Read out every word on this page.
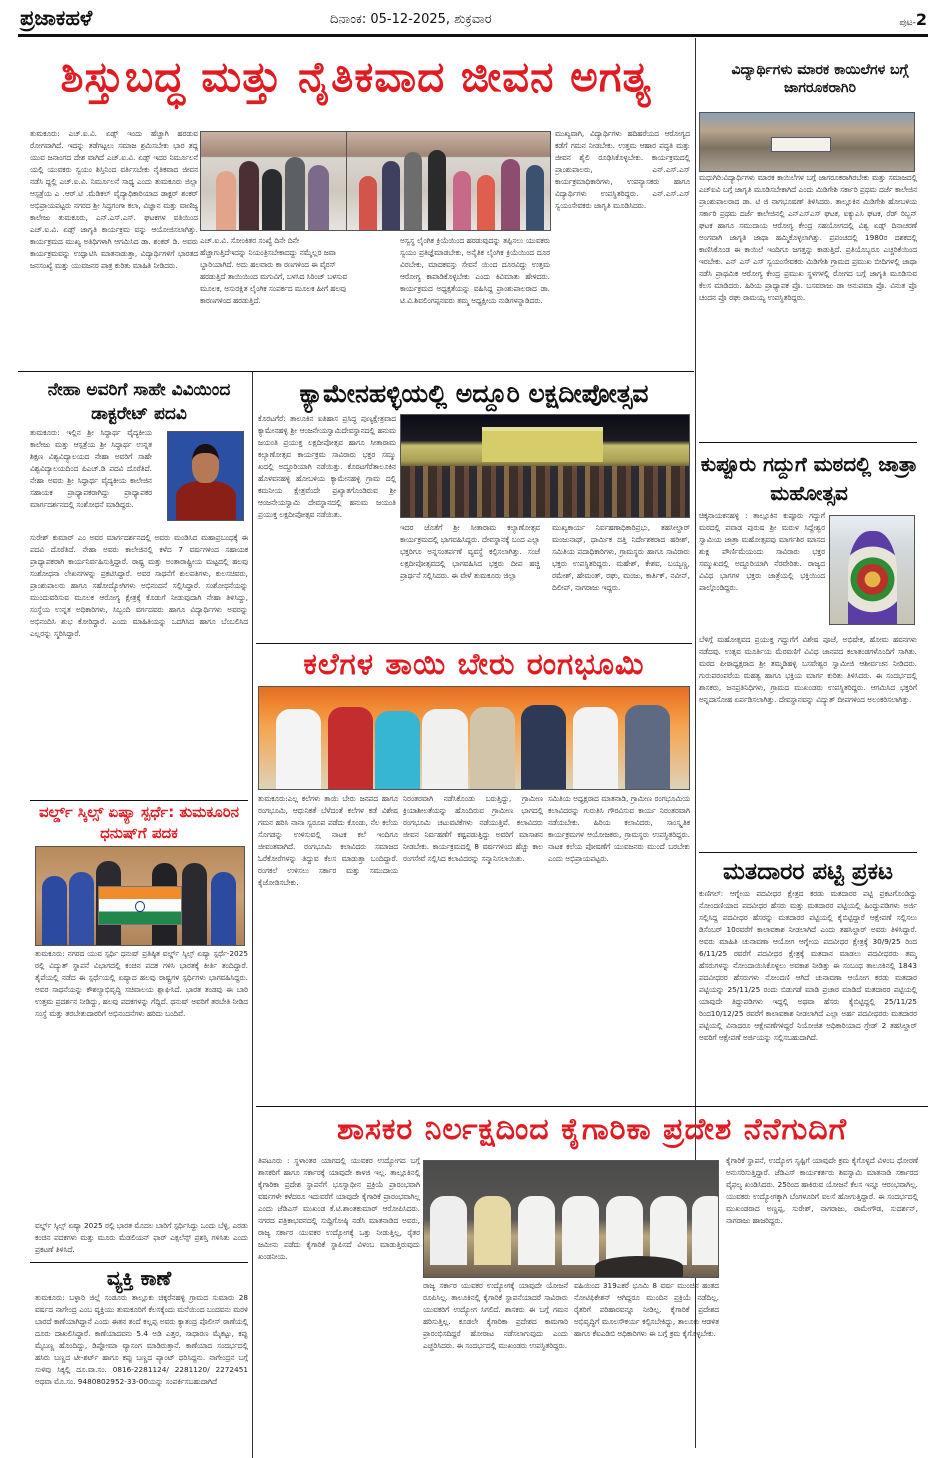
ಪ್ರಜಾಕಹಳೆ	ದಿನಾಂಕ: 05-12-2025, ಶುಕ್ರವಾರ	ಪುಟ-2
ಶಿಸ್ತುಬದ್ಧ ಮತ್ತು ನೈತಿಕವಾದ ಜೀವನ ಅಗತ್ಯ
ತುಮಕೂರು: ಎಚ್.ಐ.ವಿ. ಏಡ್ಸ್ ಇಂದು ಹೆಚ್ಚಾಗಿ ಹರಡುವ ರೋಗವಾಗಿದೆ. ಇದನ್ನು ತಡೆಗಟ್ಟಲು ಸಮಾಜ ಶ್ರಮಿಸಬೇಕು ಭಾರ ತದ್ದ ಯುವ ಜನಾಂಗದ ದೇಶ ವಾಗಿದೆ ಎಚ್.ಐ.ವಿ. ಏಡ್ಸ್ ಇದರ ನಿರ್ಮೂಲನೆ ಯಲ್ಲಿ ಯುವಕರು ಸ್ವಯಂ ಶಿಸ್ತಿನಿಂದ ವರ್ತಿಸಬೇಕು ನೈತಿಕವಾದ ಜೀವನ ನಡೆಸಿ ದ್ದಲ್ಲಿ ಎಚ್.ಐ.ವಿ. ನಿರ್ಮೂಲನೆ ಸಾಧ್ಯ ಎಂದು ತುಮಕೂರು ಜಿಲ್ಲಾ ಆಸ್ಪತ್ರೆಯ ಎ .ಆರ್.ಟಿ .ಮೆಡಿಕಲ್ ವೈದ್ಯಾಧಿಕಾರಿಯಾದ ಡಾಕ್ಟರ್ ಶಂಕರ್ ಅಭಿಪ್ರಾಯಪಟ್ಟರು ನಗರದ ಶ್ರೀ ಸಿದ್ಧಗಂಗಾ ಕಲಾ, ವಿಜ್ಞಾನ ಮತ್ತು ವಾಣಿಜ್ಯ ಕಾಲೇಜು ತುಮಕೂರು, ಎನ್.ಎಸ್.ಎಸ್. ಘಟಕಗಳ ವತಿಯಿಂದ ಎಚ್.ಐ.ವಿ. ಏಡ್ಸ್ ಜಾಗೃತಿ ಕಾರ್ಯಕ್ರಮ ವನ್ನು ಆಯೋಜಿಸಲಾಗಿತ್ತು. ಕಾರ್ಯಕ್ರಮದ ಮುಖ್ಯ ಅತಿಥಿಗಳಾಗಿ ಆಗಮಿಸಿದ ಡಾ. ಶಂಕರ್ ಡಿ. ಅವರು ಕಾರ್ಯಕ್ರಮವನ್ನು ಉದ್ಘಾಟಿಸಿ ಮಾತನಾಡುತ್ತಾ, ವಿದ್ಯಾರ್ಥಿಗಳಿಗೆ ಭಾರತದ ಜನಸಂಖ್ಯೆ ಮತ್ತು ಯುವಜನರ ಪಾತ್ರ ಕುರಿತು ಮಾಹಿತಿ ನೀಡಿದರು.
ಎಚ್.ಐ.ವಿ. ಸೋಂಕಿತರ ಸಂಖ್ಯೆ ದಿನೇ ದಿನೇ ಹೆಚ್ಚಾಗುತ್ತಿದೆಇದನ್ನು ನಿಯಂತ್ರಿಸಬೇಕಾದದ್ದು ನಮ್ಮೆಲ್ಲರ ಜವಾ ಬ್ದಾರಿಯಾಗಿದೆ. ಅದು ಹಲವಾರು ಕಾ ರಣಗಳಿಂದ ಈ ವೈರಸ್ ಹರಡುತ್ತಿದೆ ತಾಯಿಯಿಂದ ಮಗುವಿಗೆ, ಬಳಸಿದ ಸಿರಿಂಜ್ ಬಳಸುವ ಮೂಲಕ, ಅಸುರಕ್ಷಿತ ಲೈಂಗಿಕ ಸಂಪರ್ಕದ ಮೂಲಕ ಹೀಗೆ ಹಲವು ಕಾರಣಗಳಿಂದ ಹರಡುತ್ತಿದೆ.
ಅಸ್ವಸ್ಥ ಲೈಂಗಿಕ ಕ್ರಿಯೆಯಿಂದ ಹರಡುವುದನ್ನು ತಪ್ಪಿಸಲು ಯುವಕರು ಸ್ವಯಂ ಪ್ರತಿಜ್ಞೆಮಾಡಬೇಕು, ಅನೈತಿಕ ಲೈಂಗಿಕ ಕ್ರಿಯೆಯಿಂದ ದೂರ ವಿರಬೇಕು, ಮಾದಕವಸ್ತು ಸೇವನೆ ಯಿಂದ ದೂರವಿದ್ದು ಉತ್ತಮ ಆರೋಗ್ಯ ಕಾಪಾಡಿಕೊಳ್ಳಬೇಕು ಎಂದು ಕಿವಿಮಾತು ಹೇಳಿದರು. ಕಾರ್ಯಕ್ರಮದ ಅಧ್ಯಕ್ಷತೆಯನ್ನು ವಹಿಸಿದ್ದ ಪ್ರಾಂಶುಪಾಲರಾದ ಡಾ. ಟಿ.ವಿ.ಶಿವಲಿಂಗಪ್ಪನವರು ತಮ್ಮ ಅಧ್ಯಕ್ಷೀಯ ನುಡಿಗಳನ್ನಾಡಿದರು.
ಮುಖ್ಯವಾಗಿ, ವಿದ್ಯಾರ್ಥಿಗಳು ಹದಿಹರೆಯದ ಆರೋಗ್ಯದ ಕಡೆಗೆ ಗಮನ ನೀಡಬೇಕು. ಉತ್ತಮ ಆಹಾರ ಪದ್ಧತಿ ಮತ್ತು ಜೀವನ ಶೈಲಿ ರೂಢಿಸಿಕೊಳ್ಳಬೇಕು. ಕಾರ್ಯಕ್ರಮದಲ್ಲಿ ಪ್ರಾಂಶುಪಾಲರು, ಎನ್.ಎಸ್.ಎಸ್ ಕಾರ್ಯಕ್ರಮಾಧಿಕಾರಿಗಳು, ಉಪನ್ಯಾಸಕರು ಹಾಗೂ ವಿದ್ಯಾರ್ಥಿಗಳು ಉಪಸ್ಥಿತರಿದ್ದರು. ಎನ್.ಎಸ್.ಎಸ್ ಸ್ವಯಂಸೇವಕರು ಜಾಗೃತಿ ಮೂಡಿಸಿದರು.
ವಿದ್ಯಾರ್ಥಿಗಳು ಮಾರಕ ಕಾಯಿಲೆಗಳ ಬಗ್ಗೆ ಜಾಗರೂಕರಾಗಿರಿ
ಮಧುಗಿರಿ:ವಿದ್ಯಾರ್ಥಿಗಳು ಮಾರಕ ಕಾಯಿಲೆಗಳ ಬಗ್ಗೆ ಜಾಗರೂಕರಾಗಿರಬೇಕು ಮತ್ತು ಸಮಾಜದಲ್ಲಿ ಎಚ್‌ಐವಿ ಬಗ್ಗೆ ಜಾಗೃತಿ ಮೂಡಿಸಬೇಕಾಗಿದೆ ಎಂದು ಮಿಡಿಗೇಶಿ ಸರ್ಕಾರಿ ಪ್ರಥಮ ದರ್ಜೆ ಕಾಲೇಜಿನ ಪ್ರಾಂಶುಪಾಲರಾದ ಡಾ. ಟಿ ಜಿ ನಾಗಭೂಷಣ್ ತಿಳಿಸಿದರು. ತಾಲ್ಲೂಕಿನ ಮಿಡಿಗೇಶಿ ಹೋಬಳಿಯ ಸರ್ಕಾರಿ ಪ್ರಥಮ ದರ್ಜೆ ಕಾಲೇಜಿನಲ್ಲಿ ಎನ್‌ಎಸ್‌ಎಸ್ ಘಟಕ, ಐಕ್ಯುಎಸಿ ಘಟಕ, ರೆಡ್ ರಿಬ್ಬನ್ ಘಟಕ ಹಾಗೂ ಸಮುದಾಯ ಆರೋಗ್ಯ ಕೇಂದ್ರ ಸಹಯೋಗದಲ್ಲಿ ವಿಶ್ವ ಏಡ್ಸ್ ದಿನಾಚರಣೆ ಅಂಗವಾಗಿ ಜಾಗೃತಿ ಜಾಥಾ ಹಮ್ಮಿಕೊಳ್ಳಲಾಗಿತ್ತು. ಪ್ರಪಂಚದಲ್ಲಿ 1980ರ ದಶಕದಲ್ಲಿ ಕಾಣಿಸಿಕೊಂಡ ಈ ಕಾಯಿಲೆ ಇಂದಿಗೂ ಜಗತ್ತನ್ನು ಕಾಡುತ್ತಿದೆ. ಪ್ರತಿಯೊಬ್ಬರೂ ಎಚ್ಚರಿಕೆಯಿಂದ ಇರಬೇಕು. ಎನ್ ಎಸ್ ಎಸ್ ಸ್ವಯಂಸೇವಕರು ಮಿಡಿಗೇಶಿ ಗ್ರಾಮದ ಪ್ರಮುಖ ಬೀದಿಗಳಲ್ಲಿ ಜಾಥಾ ನಡೆಸಿ ಪ್ರಾಥಮಿಕ ಆರೋಗ್ಯ ಕೇಂದ್ರ ಪ್ರಮುಖ ಸ್ಥಳಗಳಲ್ಲಿ ರೋಗದ ಬಗ್ಗೆ ಜಾಗೃತಿ ಮೂಡಿಸುವ ಕೆಲಸ ಮಾಡಿದರು. ಹಿರಿಯ ಪ್ರಾಧ್ಯಾಪಕ ಪ್ರೊ. ಬಸವರಾಜು ಡಾ ಅನುಪಮಾ ಪ್ರೊ. ವಿನುತ ಪ್ರೊ ಚಂದನ ಪ್ರೊ ರಘು ರಾಮಯ್ಯ ಉಪಸ್ಥಿತರಿದ್ದರು.
ನೇಹಾ ಅವರಿಗೆ ಸಾಹೇ ವಿವಿಯಿಂದ ಡಾಕ್ಟರೇಟ್ ಪದವಿ
ತುಮಕೂರು: ಇಲ್ಲಿನ ಶ್ರೀ ಸಿದ್ಧಾರ್ಥ ವೈದ್ಯಕೀಯ ಕಾಲೇಜು ಮತ್ತು ಆಸ್ಪತ್ರೆಯ ಶ್ರೀ ಸಿದ್ಧಾರ್ಥ ಉನ್ನತ ಶಿಕ್ಷಣ ವಿಶ್ವವಿದ್ಯಾಲಯದ ನೇಹಾ ಅವರಿಗೆ ಸಾಹೇ ವಿಶ್ವವಿದ್ಯಾಲಯದಿಂದ ಪಿಎಚ್.ಡಿ ಪದವಿ ದೊರೆತಿದೆ. ನೇಹಾ ಅವರು ಶ್ರೀ ಸಿದ್ಧಾರ್ಥ ವೈದ್ಯಕೀಯ ಕಾಲೇಜಿನ ಸಹಾಯಕ ಪ್ರಾಧ್ಯಾಪಕರಾಗಿದ್ದು ಪ್ರಾಧ್ಯಾಪಕರ ಮಾರ್ಗದರ್ಶನದಲ್ಲಿ ಸಂಶೋಧನೆ ಮಾಡಿದ್ದರು.
ಸುರೇಶ್ ಕುಮಾರ್ ಎಂ ಅವರ ಮಾರ್ಗದರ್ಶನದಲ್ಲಿ ಅವರು ಮಂಡಿಸಿದ ಮಹಾಪ್ರಬಂಧಕ್ಕೆ ಈ ಪದವಿ ದೊರೆತಿದೆ. ನೇಹಾ ಅವರು ಕಾಲೇಜಿನಲ್ಲಿ ಕಳೆದ 7 ವರ್ಷಗಳಿಂದ ಸಹಾಯಕ ಪ್ರಾಧ್ಯಾಪಕರಾಗಿ ಕಾರ್ಯನಿರ್ವಹಿಸುತ್ತಿದ್ದಾರೆ. ರಾಷ್ಟ್ರ ಮತ್ತು ಅಂತಾರಾಷ್ಟ್ರೀಯ ಮಟ್ಟದಲ್ಲಿ ಹಲವು ಸಂಶೋಧನಾ ಲೇಖನಗಳನ್ನು ಪ್ರಕಟಿಸಿದ್ದಾರೆ. ಅವರ ಸಾಧನೆಗೆ ಕುಲಪತಿಗಳು, ಕುಲಸಚಿವರು, ಪ್ರಾಂಶುಪಾಲರು ಹಾಗೂ ಸಹೋದ್ಯೋಗಿಗಳು ಅಭಿನಂದನೆ ಸಲ್ಲಿಸಿದ್ದಾರೆ. ಸಂಶೋಧನೆಯನ್ನು ಮುಂದುವರಿಸುವ ಮೂಲಕ ಆರೋಗ್ಯ ಕ್ಷೇತ್ರಕ್ಕೆ ಕೊಡುಗೆ ನೀಡುವುದಾಗಿ ನೇಹಾ ತಿಳಿಸಿದ್ದು, ಸಂಸ್ಥೆಯ ಉನ್ನತ ಅಧಿಕಾರಿಗಳು, ಸಿಬ್ಬಂದಿ ವರ್ಗದವರು ಹಾಗೂ ವಿದ್ಯಾರ್ಥಿಗಳು ಅವರನ್ನು ಅಭಿನಂದಿಸಿ ಶುಭ ಕೋರಿದ್ದಾರೆ. ಎಂದು ಮಾಹಿತಿಯನ್ನು ಒದಗಿಸಿದ ಹಾಗೂ ಬೆಂಬಲಿಸಿದ ಎಲ್ಲರನ್ನು ಸ್ಮರಿಸಿದ್ದಾರೆ.
ಕ್ಯಾಮೇನಹಳ್ಳಿಯಲ್ಲಿ ಅದ್ದೂರಿ ಲಕ್ಷದೀಪೋತ್ಸವ
ಕೊರಟಗೆರೆ: ತಾಲೂಕಿನ ಐತಿಹಾಸ ಪ್ರಸಿದ್ಧ ಪುಣ್ಯಕ್ಷೇತ್ರವಾದ ಕ್ಯಾಮೇನಹಳ್ಳಿ ಶ್ರೀ ಆಂಜನೇಯಸ್ವಾಮಿದೇವಸ್ಥಾನದಲ್ಲಿ ಹನುಮ ಜಯಂತಿ ಪ್ರಯುಕ್ತ ಲಕ್ಷದೀಪೋತ್ಸವ ಹಾಗೂ ಸೀತಾರಾಮ ಕಲ್ಯಾಣೋತ್ಸವ ಕಾರ್ಯಕ್ರಮ ಸಾವಿರಾರು ಭಕ್ತರ ಸಮ್ಮು ಖದಲ್ಲಿ ಅದ್ದೂರಿಯಾಗಿ ನಡೆಯಿತ್ತು. ಕೊರಟಗೆರೆತಾಲೂಕಿನ ಹೊಳವನಹಳ್ಳಿ ಹೋಬಳಿಯ ಕ್ಯಾಮೇನಹಳ್ಳಿ ಗ್ರಾಮ ದಲ್ಲಿ ಕಮನೀಯ ಕ್ಷೇತ್ರವೆಂದೇ ಪ್ರಖ್ಯಾತಗೊಂಡಿರುವ ಶ್ರೀ ಆಂಜನೇಯಸ್ವಾಮಿ ದೇವಸ್ಥಾನದಲ್ಲಿ ಹನುಮ ಜಯಂತಿ ಪ್ರಯುಕ್ತ ಲಕ್ಷದೀಪೋತ್ಸವ ನಡೆಯಿತು.
ಇದರ ಜೊತೆಗೆ ಶ್ರೀ ಸೀತಾರಾಮ ಕಲ್ಯಾಣೋತ್ಸವ ಕಾರ್ಯಕ್ರಮದಲ್ಲಿ ಭಾಗವಹಿಸಿದ್ದರು. ದೇವಸ್ಥಾನಕ್ಕೆ ಬಂದ ಎಲ್ಲಾ ಭಕ್ತರಿಗೂ ಅನ್ನಸಂತರ್ಪಣೆ ವ್ಯವಸ್ಥೆ ಕಲ್ಪಿಸಲಾಗಿತ್ತು. ಸಂಜೆ ಲಕ್ಷದೀಪೋತ್ಸವದಲ್ಲಿ ಭಾಗವಹಿಸಿದ ಭಕ್ತರು ದೀಪ ಹಚ್ಚಿ ಪ್ರಾರ್ಥನೆ ಸಲ್ಲಿಸಿದರು. ಈ ವೇಳೆ ತುಮಕೂರು ಜಿಲ್ಲಾ
ಮುಖ್ಯಕಾರ್ಯ ನಿರ್ವಹಣಾಧಿಕಾರಿಪ್ರಭು, ತಹಸೀಲ್ದಾರ್ ಮಂಜುನಾಥ್, ಧಾರ್ಮಿಕ ದತ್ತಿ ನಿರ್ದೇಶಕರಾದ ಹರೀಶ್, ಸಮಿತಿಯ ಪದಾಧಿಕಾರಿಗಳು, ಗ್ರಾಮಸ್ಥರು ಹಾಗೂ ಸಾವಿರಾರು ಭಕ್ತರು ಉಪಸ್ಥಿತರಿದ್ದರು. ಮಹೇಶ್, ಕೇಶವ, ಬಯ್ಯಣ್ಣ, ರಮೇಶ್, ಹೇಮಂತ್, ರಘು, ಮಂಜು, ಕಾರ್ತಿಕ್, ನವೀನ್, ದಿಲೀಪ್, ನಾಗರಾಜು ಇದ್ದರು.
ಕುಪ್ಪೂರು ಗದ್ದುಗೆ ಮಠದಲ್ಲಿ ಜಾತ್ರಾ ಮಹೋತ್ಸವ
ಚಿಕ್ಕನಾಯಕನಹಳ್ಳಿ : ತಾಲ್ಲೂಕಿನ ಕುಪ್ಪೂರು ಗದ್ದುಗೆ ಮಠದಲ್ಲಿ ಪವಾಡ ಪುರುಷ ಶ್ರೀ ಮರುಳ ಸಿದ್ದೇಶ್ವರ ಸ್ವಾಮಿಯ ಜಾತ್ರಾ ಮಹೋತ್ಸವವು ಮಾರ್ಗಶಿರ ಮಾಸದ ಶುಕ್ಲ ಪೌರ್ಣಿಮೆಯಂದು ಸಾವಿರಾರು ಭಕ್ತರ ಸಮ್ಮುಖದಲ್ಲಿ ಅದ್ದೂರಿಯಾಗಿ ನೆರವೇರಿತು. ರಾಜ್ಯದ ವಿವಿಧ ಭಾಗಗಳ ಭಕ್ತರು ಜಾತ್ರೆಯಲ್ಲಿ ಭಕ್ತಿಯಿಂದ ಪಾಲ್ಗೊಂಡಿದ್ದರು.
ಬೆಳಿಗ್ಗೆ ಮಹೋತ್ಸವದ ಪ್ರಯುಕ್ತ ಗದ್ದುಗೆಗೆ ವಿಶೇಷ ಪೂಜೆ, ಅಭಿಷೇಕ, ಹೋಮ ಹವನಗಳು ನಡೆದವು. ಉತ್ಸವ ಮೂರ್ತಿಯ ಮೆರವಣಿಗೆ ವಿವಿಧ ಜಾನಪದ ಕಲಾತಂಡಗಳೊಂದಿಗೆ ಸಾಗಿತು. ಮಠದ ಪೀಠಾಧ್ಯಕ್ಷರಾದ ಶ್ರೀ ತಮ್ಮಡಿಹಳ್ಳಿ ಬಸವೇಶ್ವರ ಸ್ವಾಮೀಜಿ ಆಶೀರ್ವಚನ ನೀಡಿದರು. ಗುರುಪರಂಪರೆಯ ಮಹತ್ವ ಹಾಗೂ ಭಕ್ತಿಯ ಮಾರ್ಗ ಕುರಿತು ತಿಳಿಸಿದರು. ಈ ಸಂದರ್ಭದಲ್ಲಿ ಶಾಸಕರು, ಜನಪ್ರತಿನಿಧಿಗಳು, ಗ್ರಾಮದ ಮುಖಂಡರು ಉಪಸ್ಥಿತರಿದ್ದರು. ಆಗಮಿಸಿದ ಭಕ್ತರಿಗೆ ಅನ್ನದಾಸೋಹ ಏರ್ಪಡಿಸಲಾಗಿತ್ತು. ದೇವಸ್ಥಾನವನ್ನು ವಿದ್ಯುತ್ ದೀಪಗಳಿಂದ ಅಲಂಕರಿಸಲಾಗಿತ್ತು.
ಕಲೆಗಳ ತಾಯಿ ಬೇರು ರಂಗಭೂಮಿ
ತುಮಕೂರು:ಎಲ್ಲ ಕಲೆಗಳು ತಾಯಿ ಬೇರು ಜನಪದ ಹಾಗೂ ರಂಗಭೂಮಿ, ಆಧುನಿಕತೆ ಬೆಳೆದಂತೆ ಕಲೆಗಳ ಕಡೆ ವಿಶೇಷ ಗಮನ ಹರಿಸಿ ನಾನಾ ಸ್ವರೂಪ ಪಡೆದು ಕೊಂಡು, ನೆಲ ಕಲೆಯ ಸೊಗಡನ್ನು ಉಳಿಸುವಲ್ಲಿ ನಾಟಕ ಕಲೆ ಇಂದಿಗೂ ಜೀವಂತವಾಗಿದೆ. ರಂಗಭೂಮಿ ಕಲಾವಿದರು ಸಮಾಜದ ಓರೆಕೋರೆಗಳನ್ನು ತಿದ್ದುವ ಕೆಲಸ ಮಾಡುತ್ತಾ ಬಂದಿದ್ದಾರೆ. ರಂಗಕಲೆ ಉಳಿಸಲು ಸರ್ಕಾರ ಮತ್ತು ಸಮುದಾಯ ಕೈಜೋಡಿಸಬೇಕು.
ನಿರಂತರವಾಗಿ ನಡೆಸಿಕೊಂಡು ಬರುತ್ತಿದ್ದು, ಗ್ರಾಮೀಣ ಕ್ರಿಯಾಶೀಲತೆಯನ್ನು ಹೊಂದಿರುವ ಗ್ರಾಮೀಣ ಭಾಗದಲ್ಲಿ ರಂಗಭೂಮಿ ಚಟುವಟಿಕೆಗಳು ನಡೆಯುತ್ತಿವೆ. ಕಲಾವಿದರು ಜೀವನ ನಿರ್ವಹಣೆಗೆ ಕಷ್ಟಪಡುತ್ತಿದ್ದು ಅವರಿಗೆ ಮಾಸಾಶನ ನೀಡಬೇಕು. ಕಾರ್ಯಕ್ರಮದಲ್ಲಿ 8 ವರ್ಷಗಳಿಂದ ಹೆಚ್ಚು ಕಾಲ ರಂಗಸೇವೆ ಸಲ್ಲಿಸಿದ ಕಲಾವಿದರನ್ನು ಸನ್ಮಾನಿಸಲಾಯಿತು.
ಸಮಿತಿಯ ಅಧ್ಯಕ್ಷರಾದ ಮಾತನಾಡಿ, ಗ್ರಾಮೀಣ ರಂಗಭೂಮಿಯ ಕಲಾವಿದರನ್ನು ಗುರುತಿಸಿ ಗೌರವಿಸುವ ಕಾರ್ಯ ನಿರಂತರವಾಗಿ ನಡೆಯಬೇಕು. ಹಿರಿಯ ಕಲಾವಿದರು, ಸಾಂಸ್ಕೃತಿಕ ಕಾರ್ಯಕ್ರಮಗಳ ಆಯೋಜಕರು, ಗ್ರಾಮಸ್ಥರು ಉಪಸ್ಥಿತರಿದ್ದರು. ನಾಟಕ ಕಲೆಯ ಪೋಷಣೆಗೆ ಯುವಜನರು ಮುಂದೆ ಬರಬೇಕು ಎಂದು ಅಭಿಪ್ರಾಯಪಟ್ಟರು.
ವರ್ಲ್ಡ್ ಸ್ಕಿಲ್ಸ್ ಏಷ್ಯಾ ಸ್ಪರ್ಧೆ: ತುಮಕೂರಿನ ಧನುಷ್‌ಗೆ ಪದಕ
ತುಮಕೂರು: ನಗರದ ಯುವ ಸ್ಪರ್ಧಿ ಧನುಷ್ ಪ್ರತಿಷ್ಠಿತ ವರ್ಲ್ಡ್ ಸ್ಕಿಲ್ಸ್ ಏಷ್ಯಾ ಸ್ಪರ್ಧೆ-2025 ರಲ್ಲಿ ವಿದ್ಯುತ್ ಸ್ಥಾಪನೆ ವಿಭಾಗದಲ್ಲಿ ಕಂಚಿನ ಪದಕ ಗಳಿಸಿ ಭಾರತಕ್ಕೆ ಕೀರ್ತಿ ತಂದಿದ್ದಾರೆ. ತೈಪೆಯಲ್ಲಿ ನಡೆದ ಈ ಸ್ಪರ್ಧೆಯಲ್ಲಿ ಏಷ್ಯಾದ ಹಲವು ರಾಷ್ಟ್ರಗಳ ಸ್ಪರ್ಧಿಗಳು ಭಾಗವಹಿಸಿದ್ದರು. ಅವರ ಸಾಧನೆಯನ್ನು ಕೌಶಲ್ಯಾಭಿವೃದ್ಧಿ ಸಚಿವಾಲಯ ಶ್ಲಾಘಿಸಿದೆ. ಭಾರತ ತಂಡವು ಈ ಬಾರಿ ಉತ್ತಮ ಪ್ರದರ್ಶನ ನೀಡಿದ್ದು, ಹಲವು ಪದಕಗಳನ್ನು ಗೆದ್ದಿದೆ. ಧನುಷ್ ಅವರಿಗೆ ತರಬೇತಿ ನೀಡಿದ ಸಂಸ್ಥೆ ಮತ್ತು ತರಬೇತುದಾರರಿಗೆ ಅಭಿನಂದನೆಗಳು ಹರಿದು ಬಂದಿವೆ.
ವರ್ಲ್ಡ್ ಸ್ಕಿಲ್ಸ್ ಏಷ್ಯಾ 2025 ರಲ್ಲಿ ಭಾರತ ಮೊದಲ ಬಾರಿಗೆ ಸ್ಪರ್ಧಿಸಿದ್ದು ಒಂದು ಬೆಳ್ಳಿ, ಎರಡು ಕಂಚಿನ ಪದಕಗಳು ಮತ್ತು ಮೂರು ಮೆಡಲಿಯನ್ ಫಾರ್ ಎಕ್ಸಲೆನ್ಸ್ ಪ್ರಶಸ್ತಿ ಗಳಿಸಿತು ಎಂದು ಪ್ರಕಟಣೆ ತಿಳಿಸಿದೆ.
ಮತದಾರರ ಪಟ್ಟಿ ಪ್ರಕಟ
ಕುಣಿಗಲ್: ಆಗ್ನೇಯ ಪದವೀಧರ ಕ್ಷೇತ್ರದ ಕರಡು ಮತದಾರರ ಪಟ್ಟಿ ಪ್ರಕಟಗೊಂಡಿದ್ದು ನೋಂದಣಿಯಾದ ಪದವೀಧರ ಹೆಸರು ಮತ್ತು ಮತದಾರರ ಪಟ್ಟಿಯಲ್ಲಿ ಹಿಂದ್ದುಪಡಿಗಳು ಅರ್ಜಿ ಸಲ್ಲಿಸಿದ್ದ ಪದವೀಧರ ಹೆಸರನ್ನು ಮತದಾರರ ಪಟ್ಟಿಯಲ್ಲಿ ಕೈಬಿಟ್ಟಿದ್ದಾರೆ ಆಕ್ಷೇಪಣೆ ಸಲ್ಲಿಸಲು ಡಿಸೆಂಬರ್ 10ರವರೆಗೆ ಕಾಲಾವಕಾಶ ನೀಡಲಾಗಿದೆ ಎಂದು ತಹಸಿಲ್ದಾರ್ ಅವರು ತಿಳಿಸಿದ್ದಾರೆ. ಅವರು ಮಾಹಿತಿ ಚುನಾವಣಾ ಆಯೋಗ ಆಗ್ನೇಯ ಪದವೀಧರ ಕ್ಷೇತ್ರಕ್ಕೆ 30/9/25 ರಿಂದ 6/11/25 ರವರೆಗೆ ಪದವೀಧರ ಕ್ಷೇತ್ರಕ್ಕೆ ಮತದಾನ ಮಾಡಲು ಪದವೀಧರರು ತಮ್ಮ ಹೆಸರುಗಳನ್ನು ನೋಂದಾಯಿಸಿಕೊಳ್ಳಲು ಅವಕಾಶ ನೀಡಿತ್ತು ಈ ಸಂಬಂಧ ತಾಲೂಕಿನಲ್ಲಿ 1843 ಪದವೀಧರರ ಹೆಸರುಗಳು ನೋಂದಣಿ ಆಗಿದೆ ಚುನಾವಣಾ ಆಯೋಗ ಕರಡು ಮತದಾರ ಪಟ್ಟಿಯನ್ನು 25/11/25 ರಂದು ಬಿಡುಗಡೆ ಮಾಡಿ ಪ್ರಚಾರ ಮಾಡಿದೆ ಮತದಾರರ ಪಟ್ಟಿಯಲ್ಲಿ ಯಾವುದೇ ತಿದ್ದುಪಡಿಗಳು ಇದ್ದಲ್ಲಿ ಅಥವಾ ಹೆಸರು ಕೈಬಿಟ್ಟಿದ್ದಲ್ಲಿ 25/11/25 ರಿಂದ10/12/25 ರವರೆಗೆ ಕಾಲಾವಕಾಶ ನೀಡಲಾಗಿದೆ ಎಲ್ಲಾ ಅರ್ಹ ಪದವೀಧರರು ಮತದಾರರ ಪಟ್ಟಿಯಲ್ಲಿ ವಿನಾದರೂ ಆಕ್ಷೇಪಣೆಗಳಿದ್ದರೆ ನಿಯೋಜಿತ ಅಧಿಕಾರಿಯಾದ ಗ್ರೇಡ್ 2 ತಹಸಿಲ್ದಾರ್ ಅವರಿಗೆ ಆಕ್ಷೇಪಣೆ ಅರ್ಜಿಯನ್ನು ಸಲ್ಲಿಸಬಹುದಾಗಿದೆ.
ಶಾಸಕರ ನಿರ್ಲಕ್ಷದಿಂದ ಕೈಗಾರಿಕಾ ಪ್ರದೇಶ ನೆನೆಗುದಿಗೆ
ತಿಪಟೂರು : ಸ್ಥಳಾಂತರ ಯಾಗದಲ್ಲಿ ಯುವಕರ ಉದ್ಯೋಗದ ಬಗ್ಗೆ ಶಾಸಕರಿಗೆ ಹಾಗೂ ಸರ್ಕಾರಕ್ಕೆ ಯಾವುದೇ ಕಾಳಜಿ ಇಲ್ಲ. ತಾಲ್ಲೂಕಿನಲ್ಲಿ ಕೈಗಾರಿಕಾ ಪ್ರದೇಶ ಸ್ಥಾಪನೆಗೆ ಭೂಸ್ವಾಧೀನ ಪ್ರಕ್ರಿಯೆ ಪ್ರಾರಂಭವಾಗಿ ವರ್ಷಗಳೇ ಕಳೆದರೂ ಇದುವರೆಗೆ ಯಾವುದೇ ಕೈಗಾರಿಕೆ ಪ್ರಾರಂಭವಾಗಿಲ್ಲ ಎಂದು ಜೆಡಿಎಸ್ ಮುಖಂಡ ಕೆ.ಟಿ.ಶಾಂತಕುಮಾರ್ ಆರೋಪಿಸಿದರು. ನಗರದ ಪತ್ರಿಕಾಭವನದಲ್ಲಿ ಸುದ್ದಿಗೋಷ್ಠಿ ನಡೆಸಿ ಮಾತನಾಡಿದ ಅವರು, ರಾಜ್ಯ ಸರ್ಕಾರ ಯುವಕರ ಉದ್ಯೋಗಕ್ಕೆ ಒತ್ತು ನೀಡುತ್ತಿಲ್ಲ, ರೈತರ ಜಮೀನು ಪಡೆದು ಕೈಗಾರಿಕೆ ಸ್ಥಾಪಿಸದೆ ವಿಳಂಬ ಮಾಡುತ್ತಿರುವುದು ಖಂಡನೀಯ.
ರಾಜ್ಯ ಸರ್ಕಾರ ಯುವಕರ ಉದ್ಯೋಗಕ್ಕೆ ಯಾವುದೇ ಯೋಜನೆ ರೂಪಿಸಿಲ್ಲ. ತಾಲೂಕಿನಲ್ಲಿ ಕೈಗಾರಿಕೆ ಸ್ಥಾಪನೆಯಾದರೆ ಸಾವಿರಾರು ಯುವಕರಿಗೆ ಉದ್ಯೋಗ ಸಿಗಲಿದೆ. ಶಾಸಕರು ಈ ಬಗ್ಗೆ ಗಮನ ಹರಿಸುತ್ತಿಲ್ಲ. ಕೂಡಲೇ ಕೈಗಾರಿಕಾ ಪ್ರದೇಶದ ಕಾಮಗಾರಿ ಪ್ರಾರಂಭಿಸದಿದ್ದರೆ ಹೋರಾಟ ನಡೆಸಲಾಗುವುದು ಎಂದು ಎಚ್ಚರಿಸಿದರು. ಈ ಸಂದರ್ಭದಲ್ಲಿ ಮುಖಂಡರು ಉಪಸ್ಥಿತರಿದ್ದರು.
ವಹಿಯಿಂದ 319ಎಕರೆ ಭೂಮಿ 8 ವರ್ಷ ಮುಂಚಿನ ಹಂತದ ನೋಟಿಫಿಕೇಶನ್ ಆಗಿದ್ದರೂ ಮುಂದಿನ ಪ್ರಕ್ರಿಯೆ ನಡೆದಿಲ್ಲ. ರೈತರಿಗೆ ಪರಿಹಾರವನ್ನೂ ನೀಡಿಲ್ಲ. ಕೈಗಾರಿಕೆ ಪ್ರದೇಶದ ಅಭಿವೃದ್ಧಿಗೆ ಮೂಲಸೌಕರ್ಯ ಕಲ್ಪಿಸಬೇಕಿದ್ದು, ತಾಲೂಕು ಆಡಳಿತ ಹಾಗೂ ಕೆಐಎಡಿಬಿ ಅಧಿಕಾರಿಗಳು ಈ ಬಗ್ಗೆ ಕ್ರಮ ಕೈಗೊಳ್ಳಬೇಕು.
ಕೈಗಾರಿಕೆ ಸ್ಥಾಪನೆ, ಉದ್ಯೋಗ ಸೃಷ್ಟಿಗೆ ಯಾವುದೇ ಕ್ರಮ ಕೈಗೊಳ್ಳದೆ ವಿಳಂಬ ಧೋರಣೆ ಅನುಸರಿಸುತ್ತಿದ್ದಾರೆ. ಜೆಡಿಎಸ್ ಕಾರ್ಯಕರ್ತರು ಶಿವಸ್ವಾಮಿ ಮಾತನಾಡಿ ಸರ್ಕಾರದ ವೈಫಲ್ಯ ಖಂಡಿಸಿದರು. 25ರಿಂದ ಹಾಕಿರುವ ಯೋಜನೆ ಕೆಲಸ ಇನ್ನೂ ಆರಂಭವಾಗಿಲ್ಲ. ಯುವಕರು ಉದ್ಯೋಗಕ್ಕಾಗಿ ಬೆಂಗಳೂರಿಗೆ ವಲಸೆ ಹೋಗುತ್ತಿದ್ದಾರೆ. ಈ ಸಂದರ್ಭದಲ್ಲಿ ಮುಖಂಡರಾದ ಅಣ್ಣಪ್ಪ, ಸುರೇಶ್, ನಾಗರಾಜು, ರಾಮೇಗೌಡ, ಸುದರ್ಶನ್, ನಾಗರಾಜು ಹಾಜರಿದ್ದರು.
ವ್ಯಕ್ತಿ ಕಾಣೆ
ತುಮಕೂರು: ಬಳ್ಳಾರಿ ಜಿಲ್ಲೆ ಸಂಡೂರು ತಾಲ್ಲೂಕು ಚಿಕ್ಕರೆನಹಳ್ಳಿ ಗ್ರಾಮದ ಸುಮಾರು 28 ವರ್ಷದ ನಾಗೇಂದ್ರ ಎಂಬ ವ್ಯಕ್ತಿಯು ತುಮಕೂರಿಗೆ ಕೆಲಸಕ್ಕೆಂದು ಮನೆಯಿಂದ ಬಂದವನು ಮರಳಿ ಬಾರದೆ ಕಾಣೆಯಾಗಿದ್ದಾನೆ ಎಂದು ಈತನ ತಂದೆ ಕಲ್ಲಪ್ಪ ಅವರು ಕ್ಯಾತಂದ್ರ ಪೊಲೀಸ್ ಠಾಣೆಯಲ್ಲಿ ದೂರು ದಾಖಲಿಸಿದ್ದಾರೆ. ಕಾಣೆಯಾದವನು 5.4 ಅಡಿ ಎತ್ತರ, ಸಾಧಾರಣ ಮೈಕಟ್ಟು, ಕಪ್ಪು ಮೈಬಣ್ಣ ಹೊಂದಿದ್ದು, ಡಿಪ್ಲೋಮಾ ವ್ಯಾಸಂಗ ಮಾಡಿರುತ್ತಾನೆ. ಕಾಣೆಯಾದ ಸಂದರ್ಭದಲ್ಲಿ ಹಸಿರು ಬಣ್ಣದ ಟೀ-ಶರ್ಟ್ ಹಾಗೂ ಕಪ್ಪು ಬಣ್ಣದ ಪ್ಯಾಂಟ್ ಧರಿಸಿದ್ದನು. ನಾಗೇಂದ್ರನ ಬಗ್ಗೆ ಸುಳಿವು ಸಿಕ್ಕಲ್ಲಿ ದೂ.ವಾ.ಸಂ. 0816-2281124/ 2281120/ 2272451 ಅಥವಾ ಮೊ.ಸಂ. 9480802952-33-00ಯನ್ನು ಸಂಪರ್ಕಿಸಬಹುದಾಗಿದೆ
